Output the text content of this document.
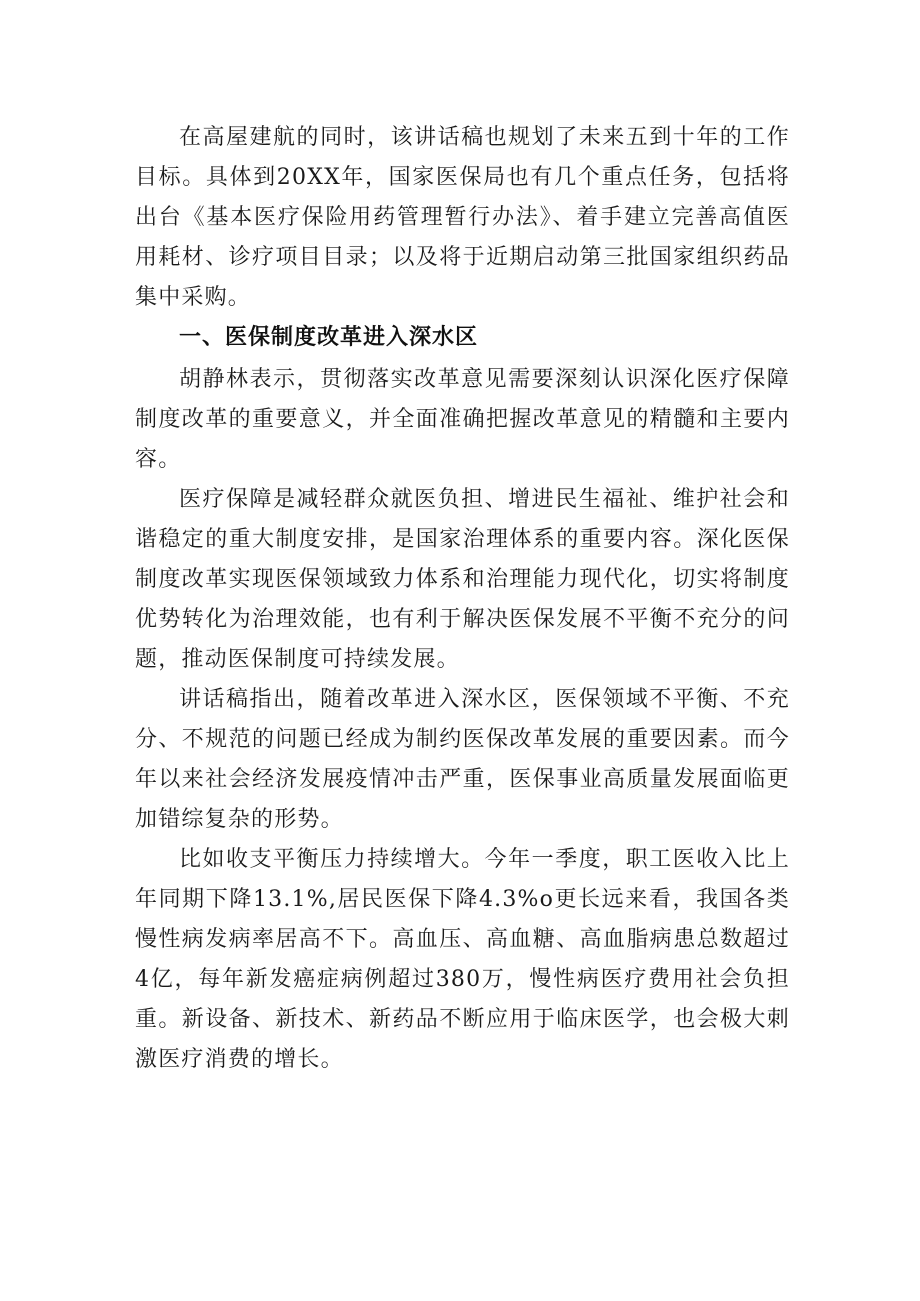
在高屋建航的同时，该讲话稿也规划了未来五到十年的工作目标。具体到20XX年，国家医保局也有几个重点任务，包括将出台《基本医疗保险用药管理暂行办法》、着手建立完善高值医用耗材、诊疗项目目录；以及将于近期启动第三批国家组织药品集中采购。

一、医保制度改革进入深水区

胡静林表示，贯彻落实改革意见需要深刻认识深化医疗保障制度改革的重要意义，并全面准确把握改革意见的精髓和主要内容。

医疗保障是减轻群众就医负担、增进民生福祉、维护社会和谐稳定的重大制度安排，是国家治理体系的重要内容。深化医保制度改革实现医保领域致力体系和治理能力现代化，切实将制度优势转化为治理效能，也有利于解决医保发展不平衡不充分的问题，推动医保制度可持续发展。

讲话稿指出，随着改革进入深水区，医保领域不平衡、不充分、不规范的问题已经成为制约医保改革发展的重要因素。而今年以来社会经济发展疫情冲击严重，医保事业高质量发展面临更加错综复杂的形势。

比如收支平衡压力持续增大。今年一季度，职工医收入比上年同期下降13.1%,居民医保下降4.3%o更长远来看，我国各类慢性病发病率居高不下。高血压、高血糖、高血脂病患总数超过4亿，每年新发癌症病例超过380万，慢性病医疗费用社会负担重。新设备、新技术、新药品不断应用于临床医学，也会极大刺激医疗消费的增长。
